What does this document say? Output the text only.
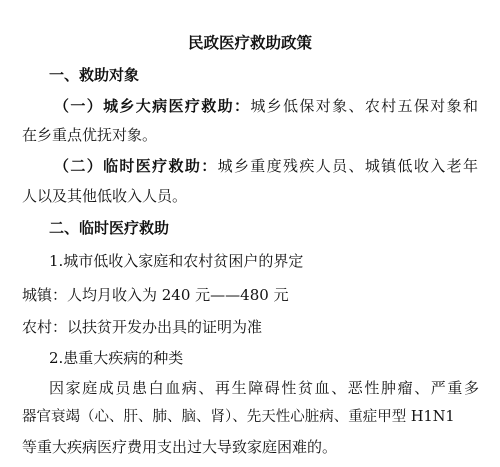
民政医疗救助政策
一、救助对象
（一）城乡大病医疗救助：城乡低保对象、农村五保对象和
在乡重点优抚对象。
（二）临时医疗救助：城乡重度残疾人员、城镇低收入老年
人以及其他低收入人员。
二、临时医疗救助
1.城市低收入家庭和农村贫困户的界定
城镇：人均月收入为 240 元——480 元
农村：以扶贫开发办出具的证明为准
2.患重大疾病的种类
因家庭成员患白血病、再生障碍性贫血、恶性肿瘤、严重多
器官衰竭（心、肝、肺、脑、肾）、先天性心脏病、重症甲型 H1N1
等重大疾病医疗费用支出过大导致家庭困难的。
